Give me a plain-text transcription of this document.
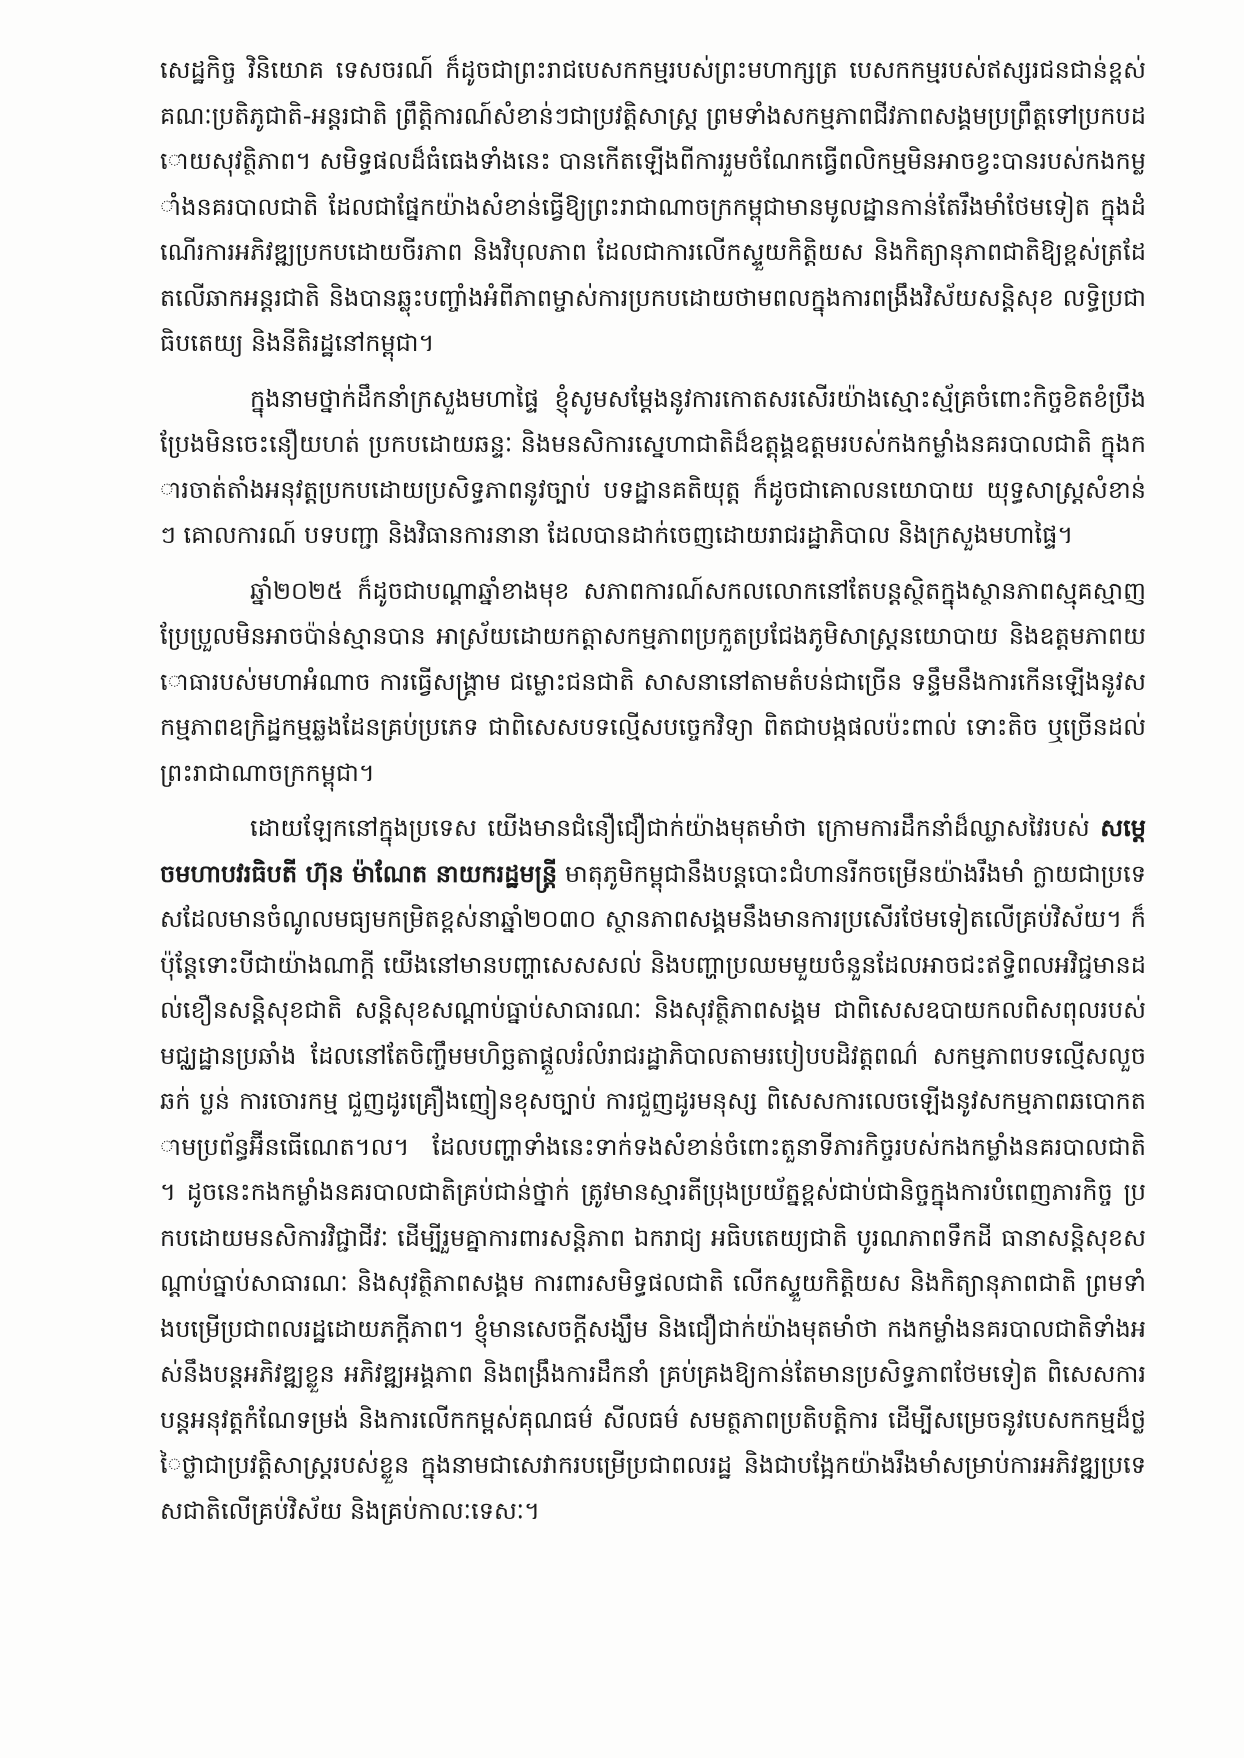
សេដ្ឋកិច្ច វិនិយោគ ទេសចរណ៍ ក៏ដូចជាព្រះរាជបេសកកម្មរបស់ព្រះមហាក្សត្រ បេសកកម្មរបស់ឥស្សរជនជាន់ខ្ពស់ គណៈប្រតិភូជាតិ-អន្តរជាតិ ព្រឹត្តិការណ៍សំខាន់ៗជាប្រវត្តិសាស្ត្រ ព្រមទាំងសកម្មភាពជីវភាពសង្គមប្រព្រឹត្តទៅប្រកបដោយសុវត្ថិភាព។ សមិទ្ធផលដ៏ធំធេងទាំងនេះ បានកើតឡើងពីការរួមចំណែកធ្វើពលិកម្មមិនអាចខ្វះបានរបស់កងកម្លាំងនគរបាលជាតិ ដែលជាផ្នែកយ៉ាងសំខាន់ធ្វើឱ្យព្រះរាជាណាចក្រកម្ពុជាមានមូលដ្ឋានកាន់តែរឹងមាំថែមទៀត ក្នុងដំណើរការអភិវឌ្ឍប្រកបដោយចីរភាព និងវិបុលភាព ដែលជាការលើកស្ទួយកិត្តិយស និងកិត្យានុភាពជាតិឱ្យខ្ពស់ត្រដែតលើឆាកអន្តរជាតិ និងបានឆ្លុះបញ្ចាំងអំពីភាពម្ចាស់ការប្រកបដោយថាមពលក្នុងការពង្រឹងវិស័យសន្តិសុខ លទ្ធិប្រជាធិបតេយ្យ និងនីតិរដ្ឋនៅកម្ពុជា។

ក្នុងនាមថ្នាក់ដឹកនាំក្រសួងមហាផ្ទៃ ខ្ញុំសូមសម្តែងនូវការកោតសរសើរយ៉ាងស្មោះស្ម័គ្រចំពោះកិច្ចខិតខំប្រឹងប្រែងមិនចេះនឿយហត់ ប្រកបដោយឆន្ទៈ និងមនសិការស្នេហាជាតិដ៏ឧត្តុង្គឧត្តមរបស់កងកម្លាំងនគរបាលជាតិ ក្នុងការចាត់តាំងអនុវត្តប្រកបដោយប្រសិទ្ធភាពនូវច្បាប់ បទដ្ឋានគតិយុត្ត ក៏ដូចជាគោលនយោបាយ យុទ្ធសាស្ត្រសំខាន់ៗ គោលការណ៍ បទបញ្ជា និងវិធានការនានា ដែលបានដាក់ចេញដោយរាជរដ្ឋាភិបាល និងក្រសួងមហាផ្ទៃ។

ឆ្នាំ២០២៥ ក៏ដូចជាបណ្តាឆ្នាំខាងមុខ សភាពការណ៍សកលលោកនៅតែបន្តស្ថិតក្នុងស្ថានភាពស្មុគស្មាញ ប្រែប្រួលមិនអាចប៉ាន់ស្មានបាន អាស្រ័យដោយកត្តាសកម្មភាពប្រកួតប្រជែងភូមិសាស្ត្រនយោបាយ និងឧត្តមភាពយោធារបស់មហាអំណាច ការធ្វើសង្គ្រាម ជម្លោះជនជាតិ សាសនានៅតាមតំបន់ជាច្រើន ទន្ទឹមនឹងការកើនឡើងនូវសកម្មភាពឧក្រិដ្ឋកម្មឆ្លងដែនគ្រប់ប្រភេទ ជាពិសេសបទល្មើសបច្ចេកវិទ្យា ពិតជាបង្កផលប៉ះពាល់ ទោះតិច ឬច្រើនដល់ព្រះរាជាណាចក្រកម្ពុជា។

ដោយឡែកនៅក្នុងប្រទេស យើងមានជំនឿជឿជាក់យ៉ាងមុតមាំថា ក្រោមការដឹកនាំដ៏ឈ្លាសវៃរបស់ សម្តេចមហាបវរធិបតី ហ៊ុន ម៉ាណែត នាយករដ្ឋមន្ត្រី មាតុភូមិកម្ពុជានឹងបន្តបោះជំហានរីកចម្រើនយ៉ាងរឹងមាំ ក្លាយជាប្រទេសដែលមានចំណូលមធ្យមកម្រិតខ្ពស់នាឆ្នាំ២០៣០ ស្ថានភាពសង្គមនឹងមានការប្រសើរថែមទៀតលើគ្រប់វិស័យ។ ក៏ប៉ុន្តែទោះបីជាយ៉ាងណាក្តី យើងនៅមានបញ្ហាសេសសល់ និងបញ្ហាប្រឈមមួយចំនួនដែលអាចជះឥទ្ធិពលអវិជ្ជមានដល់ខឿនសន្តិសុខជាតិ សន្តិសុខសណ្តាប់ធ្នាប់សាធារណៈ និងសុវត្ថិភាពសង្គម ជាពិសេសឧបាយកលពិសពុលរបស់មជ្ឈដ្ឋានប្រឆាំង ដែលនៅតែចិញ្ចឹមមហិច្ឆតាផ្តួលរំលំរាជរដ្ឋាភិបាលតាមរបៀបបដិវត្តពណ៌ សកម្មភាពបទល្មើសលួច ឆក់ ប្លន់ ការចោរកម្ម ជួញដូរគ្រឿងញៀនខុសច្បាប់ ការជួញដូរមនុស្ស ពិសេសការលេចឡើងនូវសកម្មភាពឆបោកតាមប្រព័ន្ធអ៊ីនធើណេត។ល។ ដែលបញ្ហាទាំងនេះទាក់ទងសំខាន់ចំពោះតួនាទីភារកិច្ចរបស់កងកម្លាំងនគរបាលជាតិ។ ដូចនេះកងកម្លាំងនគរបាលជាតិគ្រប់ជាន់ថ្នាក់ ត្រូវមានស្មារតីប្រុងប្រយ័ត្នខ្ពស់ជាប់ជានិច្ចក្នុងការបំពេញភារកិច្ច ប្រកបដោយមនសិការវិជ្ជាជីវៈ ដើម្បីរួមគ្នាការពារសន្តិភាព ឯករាជ្យ អធិបតេយ្យជាតិ បូរណភាពទឹកដី ធានាសន្តិសុខសណ្តាប់ធ្នាប់សាធារណៈ និងសុវត្ថិភាពសង្គម ការពារសមិទ្ធផលជាតិ លើកស្ទួយកិត្តិយស និងកិត្យានុភាពជាតិ ព្រមទាំងបម្រើប្រជាពលរដ្ឋដោយភក្តីភាព។ ខ្ញុំមានសេចក្តីសង្ឃឹម និងជឿជាក់យ៉ាងមុតមាំថា កងកម្លាំងនគរបាលជាតិទាំងអស់នឹងបន្តអភិវឌ្ឍខ្លួន អភិវឌ្ឍអង្គភាព និងពង្រឹងការដឹកនាំ គ្រប់គ្រងឱ្យកាន់តែមានប្រសិទ្ធភាពថែមទៀត ពិសេសការបន្តអនុវត្តកំណែទម្រង់ និងការលើកកម្ពស់គុណធម៌ សីលធម៌ សមត្ថភាពប្រតិបត្តិការ ដើម្បីសម្រេចនូវបេសកកម្មដ៏ថ្លៃថ្លាជាប្រវត្តិសាស្ត្ររបស់ខ្លួន ក្នុងនាមជាសេវាករបម្រើប្រជាពលរដ្ឋ និងជាបង្អែកយ៉ាងរឹងមាំសម្រាប់ការអភិវឌ្ឍប្រទេសជាតិលើគ្រប់វិស័យ និងគ្រប់កាលៈទេសៈ។
